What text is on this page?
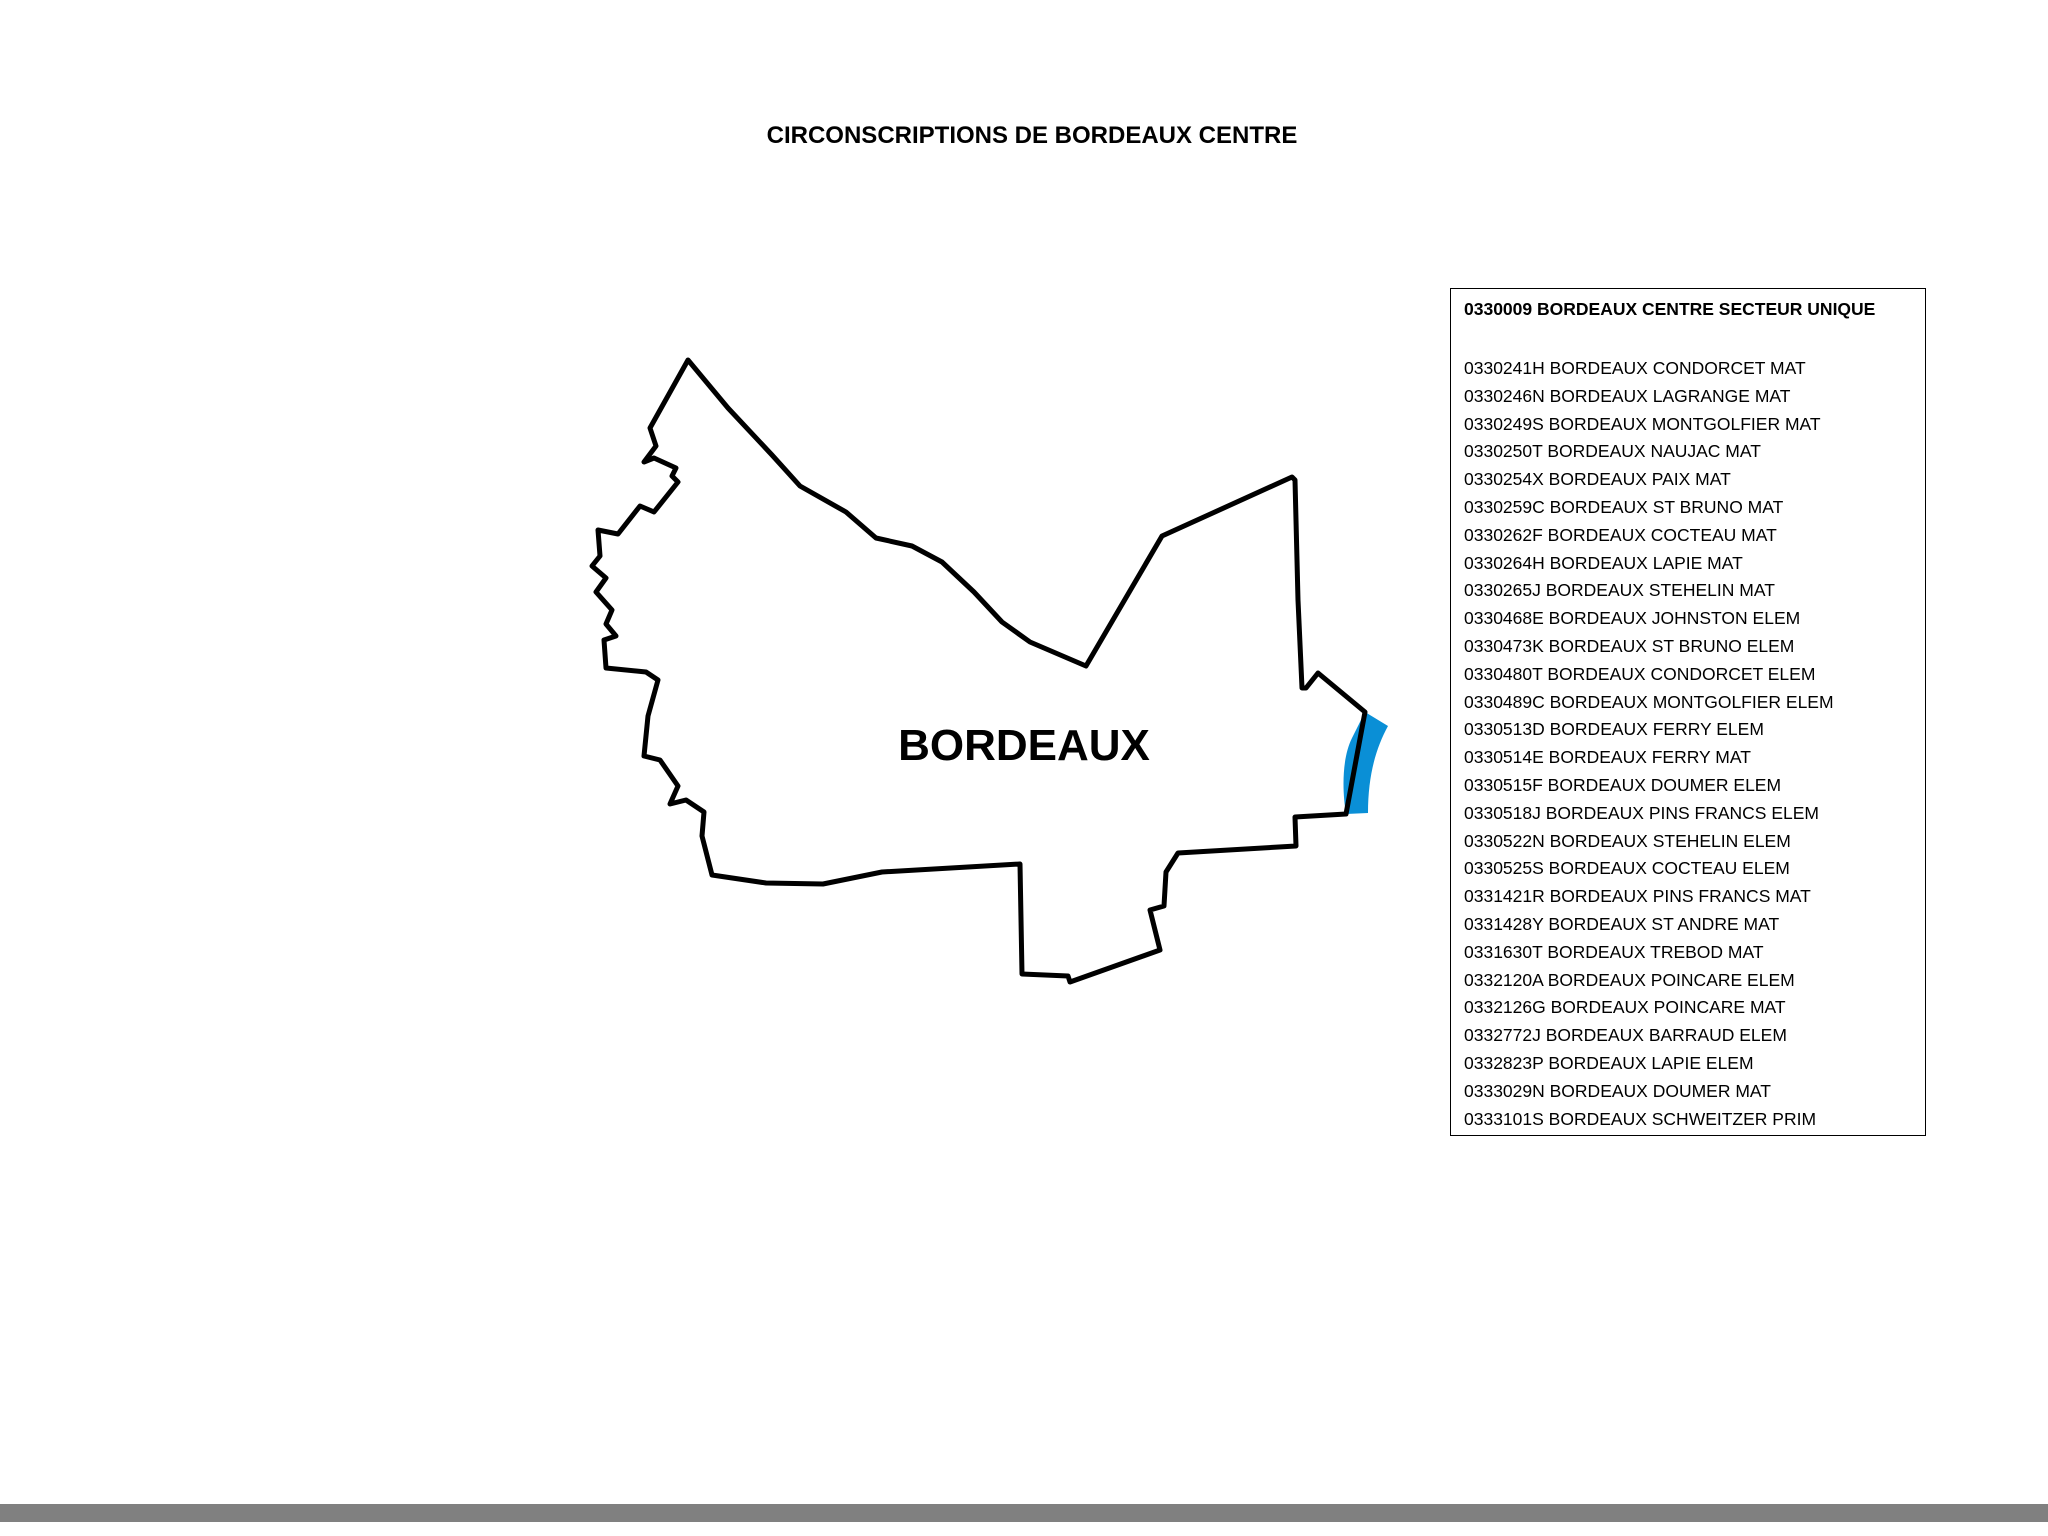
CIRCONSCRIPTIONS DE BORDEAUX CENTRE
BORDEAUX
0330009 BORDEAUX CENTRE SECTEUR UNIQUE
0330241H BORDEAUX CONDORCET MAT
0330246N BORDEAUX LAGRANGE MAT
0330249S BORDEAUX MONTGOLFIER MAT
0330250T BORDEAUX NAUJAC MAT
0330254X BORDEAUX PAIX MAT
0330259C BORDEAUX ST BRUNO MAT
0330262F BORDEAUX COCTEAU MAT
0330264H BORDEAUX LAPIE MAT
0330265J BORDEAUX STEHELIN MAT
0330468E BORDEAUX JOHNSTON ELEM
0330473K BORDEAUX ST BRUNO ELEM
0330480T BORDEAUX CONDORCET ELEM
0330489C BORDEAUX MONTGOLFIER ELEM
0330513D BORDEAUX FERRY ELEM
0330514E BORDEAUX FERRY MAT
0330515F BORDEAUX DOUMER ELEM
0330518J BORDEAUX PINS FRANCS ELEM
0330522N BORDEAUX STEHELIN ELEM
0330525S BORDEAUX COCTEAU ELEM
0331421R BORDEAUX PINS FRANCS MAT
0331428Y BORDEAUX ST ANDRE MAT
0331630T BORDEAUX TREBOD MAT
0332120A BORDEAUX POINCARE ELEM
0332126G BORDEAUX POINCARE MAT
0332772J BORDEAUX BARRAUD ELEM
0332823P BORDEAUX LAPIE ELEM
0333029N BORDEAUX DOUMER MAT
0333101S BORDEAUX SCHWEITZER PRIM
